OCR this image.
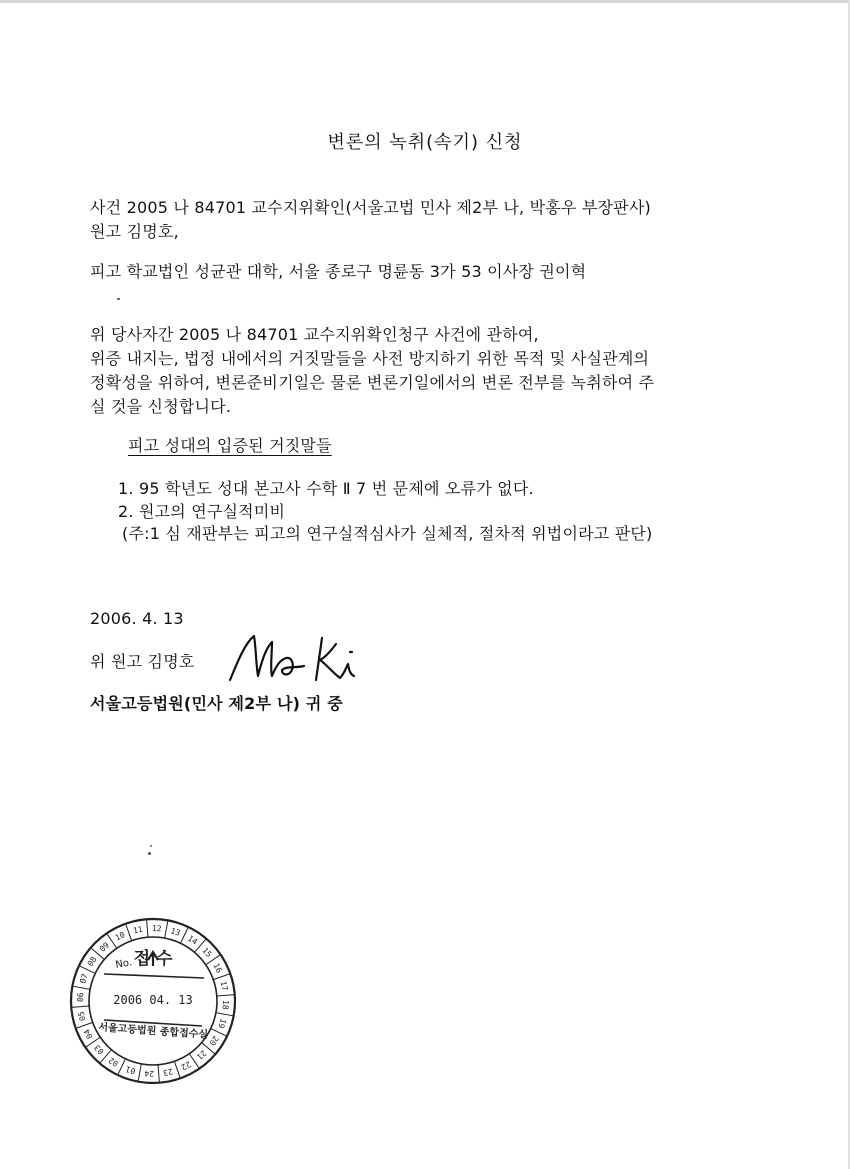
변론의 녹취(속기) 신청
사건 2005 나 84701 교수지위확인(서울고법 민사 제2부 나, 박홍우 부장판사)
원고 김명호,
피고 학교법인 성균관 대학, 서울 종로구 명륜동 3가 53 이사장 권이혁
위 당사자간 2005 나 84701 교수지위확인청구 사건에 관하여,
위증 내지는, 법정 내에서의 거짓말들을 사전 방지하기 위한 목적 및 사실관계의
정확성을 위하여, 변론준비기일은 물론 변론기일에서의 변론 전부를 녹취하여 주
실 것을 신청합니다.
피고 성대의 입증된 거짓말들
1. 95 학년도 성대 본고사 수학 Ⅱ 7 번 문제에 오류가 없다.
2. 원고의 연구실적미비
(주:1 심 재판부는 피고의 연구실적심사가 실체적, 절차적 위법이라고 판단)
2006. 4. 13
위 원고 김명호
서울고등법원(민사 제2부 나) 귀 중
01
02
03
04
05
06
07
08
09
10
11 12 13
14
15
16
17
18
19
20
21
22
23
24
No. 접 수
2006 04. 13
서울고등법원 종합접수실
